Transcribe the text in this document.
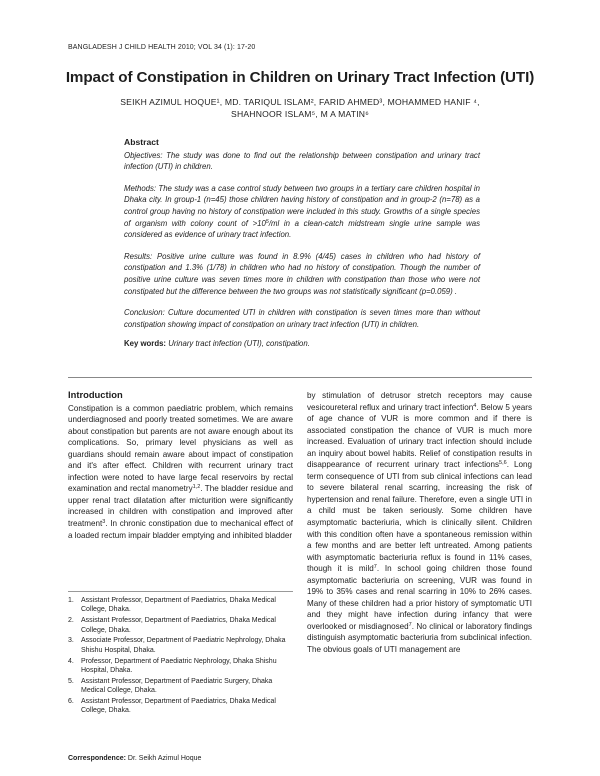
BANGLADESH J CHILD HEALTH 2010; VOL 34 (1): 17-20
Impact of Constipation in Children on Urinary Tract Infection (UTI)
SEIKH AZIMUL HOQUE¹, MD. TARIQUL ISLAM², FARID AHMED³, MOHAMMED HANIF ⁴,
SHAHNOOR ISLAM⁵, M A MATIN⁶
Abstract

Objectives: The study was done to find out the relationship between constipation and urinary tract infection (UTI) in children.

Methods: The study was a case control study between two groups in a tertiary care children hospital in Dhaka city. In group-1 (n=45) those children having history of constipation and in group-2 (n=78) as a control group having no history of constipation were included in this study. Growths of a single species of organism with colony count of $>10^5/ml$ in a clean-catch midstream single urine sample was considered as evidence of urinary tract infection.

Results: Positive urine culture was found in 8.9% (4/45) cases in children who had history of constipation and 1.3% (1/78) in children who had no history of constipation. Though the number of positive urine culture was seven times more in children with constipation than those who were not constipated but the difference between the two groups was not statistically significant (p=0.059) .

Conclusion: Culture documented UTI in children with constipation is seven times more than without constipation showing impact of constipation on urinary tract infection (UTI) in children.

Key words: Urinary tract infection (UTI), constipation.

Introduction

Constipation is a common paediatric problem, which remains underdiagnosed and poorly treated sometimes. We are aware about constipation but parents are not aware enough about its complications. So, primary level physicians as well as guardians should remain aware about impact of constipation and it's after effect. Children with recurrent urinary tract infection were noted to have large fecal reservoirs by rectal examination and rectal manometry$^{1,2}$. The bladder residue and upper renal tract dilatation after micturition were significantly increased in children with constipation and improved after treatment$^3$. In chronic constipation due to mechanical effect of a loaded rectum impair bladder emptying and inhibited bladder

by stimulation of detrusor stretch receptors may cause vesicoureteral reflux and urinary tract infection$^4$. Below 5 years of age chance of VUR is more common and if there is associated constipation the chance of VUR is much more increased. Evaluation of urinary tract infection should include an inquiry about bowel habits. Relief of constipation results in disappearance of recurrent urinary tract infections$^{5,6}$. Long term consequence of UTI from sub clinical infections can lead to severe bilateral renal scarring, increasing the risk of hypertension and renal failure. Therefore, even a single UTI in a child must be taken seriously. Some children have asymptomatic bacteriuria, which is clinically silent. Children with this condition often have a spontaneous remission within a few months and are better left untreated. Among patients with asymptomatic bacteriuria reflux is found in 11% cases, though it is mild$^7$. In school going children those found asymptomatic bacteriuria on screening, VUR was found in 19% to 35% cases and renal scarring in 10% to 26% cases. Many of these children had a prior history of symptomatic UTI and they might have infection during infancy that were overlooked or misdiagnosed$^7$. No clinical or laboratory findings distinguish asymptomatic bacteriuria from subclinical infection. The obvious goals of UTI management are

1.	Assistant Professor, Department of Paediatrics, Dhaka Medical College, Dhaka.
2.	Assistant Professor, Department of Paediatrics, Dhaka Medical College, Dhaka.
3.	Associate Professor, Department of Paediatric Nephrology, Dhaka Shishu Hospital, Dhaka.
4.	Professor, Department of Paediatric Nephrology, Dhaka Shishu Hospital, Dhaka.
5.	Assistant Professor, Department of Paediatric Surgery, Dhaka Medical College, Dhaka.
6.	Assistant Professor, Department of Paediatrics, Dhaka Medical College, Dhaka.
Correspondence: Dr. Seikh Azimul Hoque
